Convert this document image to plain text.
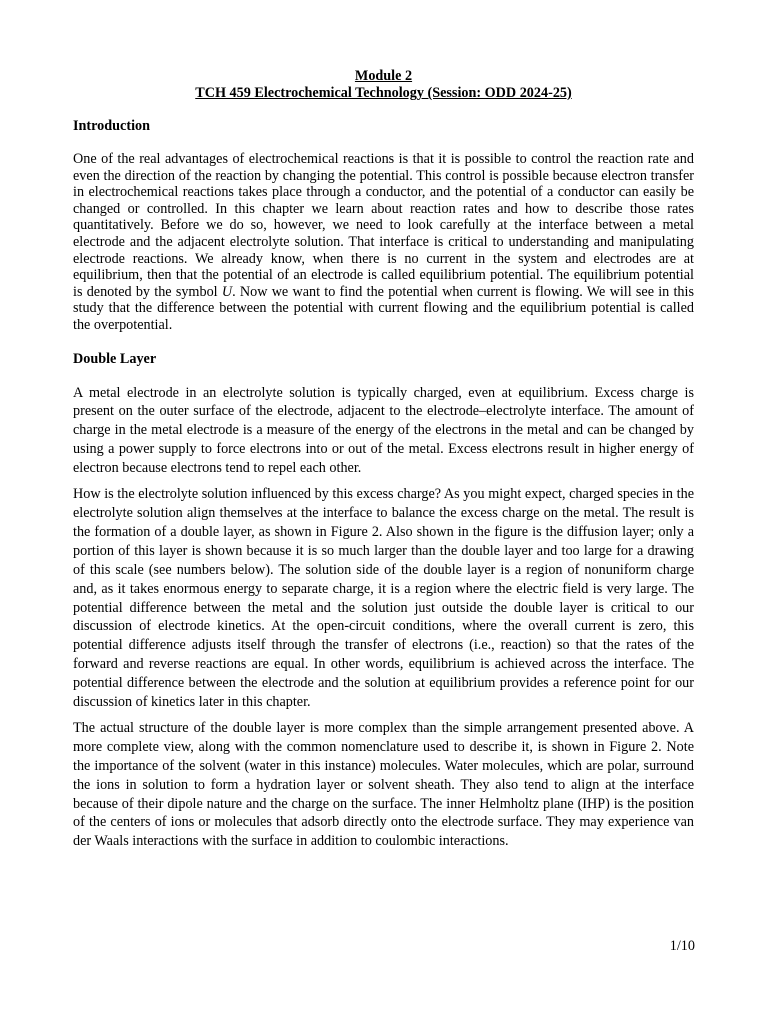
Module 2
TCH 459 Electrochemical Technology (Session: ODD 2024-25)
Introduction

One of the real advantages of electrochemical reactions is that it is possible to control the reaction rate and even the direction of the reaction by changing the potential. This control is possible because electron transfer in electrochemical reactions takes place through a conductor, and the potential of a conductor can easily be changed or controlled. In this chapter we learn about reaction rates and how to describe those rates quantitatively. Before we do so, however, we need to look carefully at the interface between a metal electrode and the adjacent electrolyte solution. That interface is critical to understanding and manipulating electrode reactions. We already know, when there is no current in the system and electrodes are at equilibrium, then that the potential of an electrode is called equilibrium potential. The equilibrium potential is denoted by the symbol U. Now we want to find the potential when current is flowing. We will see in this study that the difference between the potential with current flowing and the equilibrium potential is called the overpotential.

Double Layer

A metal electrode in an electrolyte solution is typically charged, even at equilibrium. Excess charge is present on the outer surface of the electrode, adjacent to the electrode–electrolyte interface. The amount of charge in the metal electrode is a measure of the energy of the electrons in the metal and can be changed by using a power supply to force electrons into or out of the metal. Excess electrons result in higher energy of electron because electrons tend to repel each other.

How is the electrolyte solution influenced by this excess charge? As you might expect, charged species in the electrolyte solution align themselves at the interface to balance the excess charge on the metal. The result is the formation of a double layer, as shown in Figure 2. Also shown in the figure is the diffusion layer; only a portion of this layer is shown because it is so much larger than the double layer and too large for a drawing of this scale (see numbers below). The solution side of the double layer is a region of nonuniform charge and, as it takes enormous energy to separate charge, it is a region where the electric field is very large. The potential difference between the metal and the solution just outside the double layer is critical to our discussion of electrode kinetics. At the open-circuit conditions, where the overall current is zero, this potential difference adjusts itself through the transfer of electrons (i.e., reaction) so that the rates of the forward and reverse reactions are equal. In other words, equilibrium is achieved across the interface. The potential difference between the electrode and the solution at equilibrium provides a reference point for our discussion of kinetics later in this chapter.

The actual structure of the double layer is more complex than the simple arrangement presented above. A more complete view, along with the common nomenclature used to describe it, is shown in Figure 2. Note the importance of the solvent (water in this instance) molecules. Water molecules, which are polar, surround the ions in solution to form a hydration layer or solvent sheath. They also tend to align at the interface because of their dipole nature and the charge on the surface. The inner Helmholtz plane (IHP) is the position of the centers of ions or molecules that adsorb directly onto the electrode surface. They may experience van der Waals interactions with the surface in addition to coulombic interactions.

1/10
